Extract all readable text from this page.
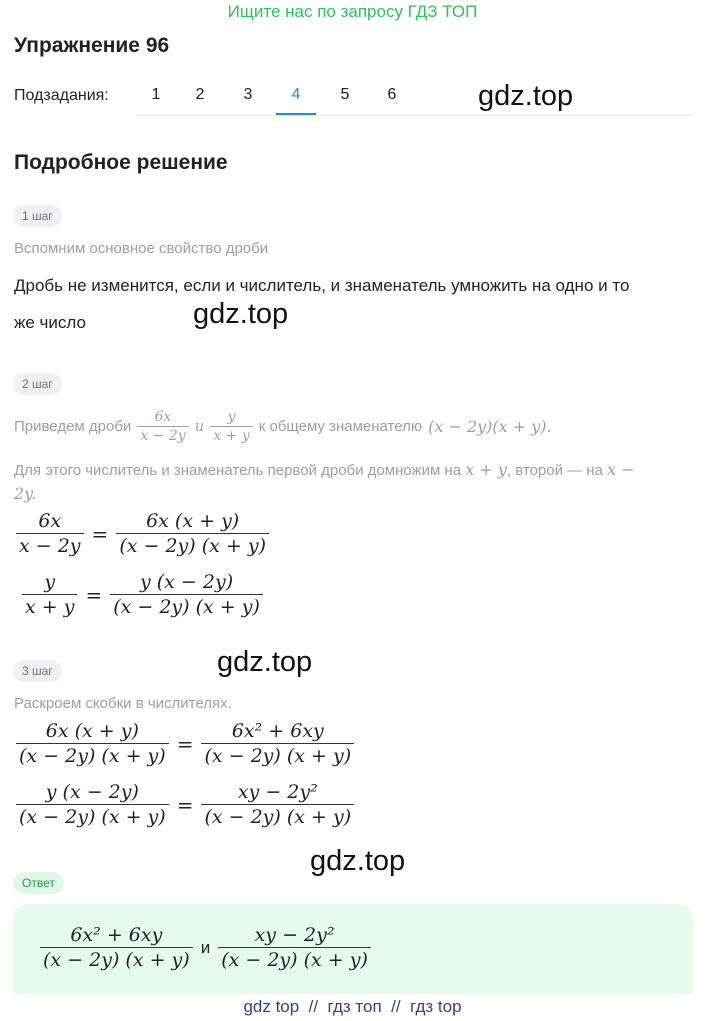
Ищите нас по запросу ГДЗ ТОП
Упражнение 96
Подзадания:	1	2	3	4	5	6	gdz.top
Подробное решение
1 шаг
Вспомним основное свойство дроби
Дробь не изменится, если и числитель, и знаменатель умножить на одно и то
же число	gdz.top
2 шаг
Приведем дроби $\frac{6x}{x - 2y}$ и $\frac{y}{x + y}$ к общему знаменателю (x − 2y)(x + y).
Для этого числитель и знаменатель первой дроби домножим на x + y, второй — на x −
2y.
$\frac{6x}{x - 2y} = \frac{6x (x + y)}{(x - 2y) (x + y)}$
$\frac{y}{x + y} = \frac{y (x - 2y)}{(x - 2y) (x + y)}$
3 шаг	gdz.top
Раскроем скобки в числителях.
$\frac{6x (x + y)}{(x - 2y) (x + y)} = \frac{\text{6x² + 6xy}}{(x - 2y) (x + y)}$
$\frac{y (x - 2y)}{(x - 2y) (x + y)} = \frac{\text{xy − 2y²}}{(x - 2y) (x + y)}$
gdz.top
Ответ
$\frac{\text{6x² + 6xy}}{(x - 2y) (x + y)}$ и $\frac{\text{xy − 2y²}}{(x - 2y) (x + y)}$
gdz top  //  гдз топ  //  гдз top
